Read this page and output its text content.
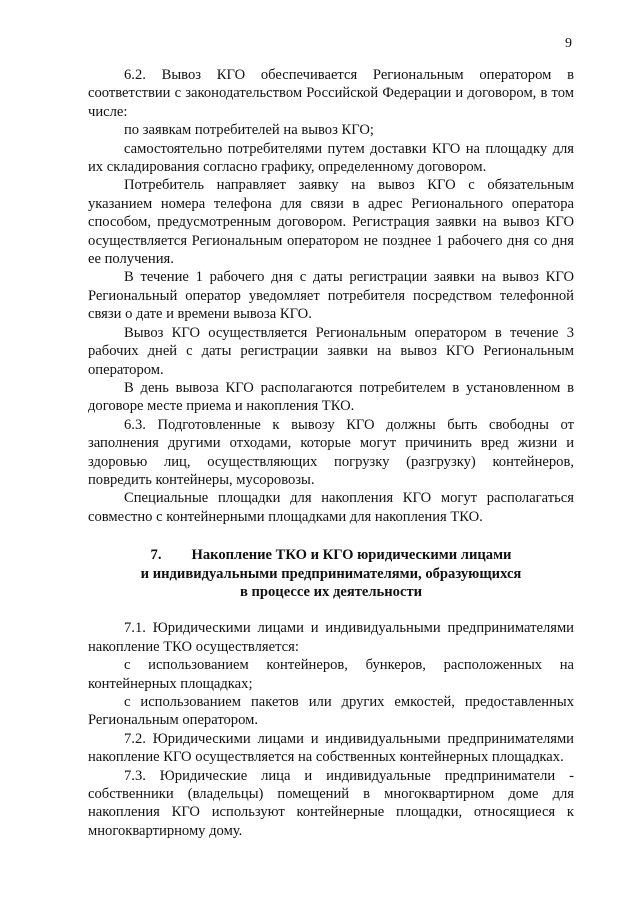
9

6.2. Вывоз КГО обеспечивается Региональным оператором в соответствии с законодательством Российской Федерации и договором, в том числе:

по заявкам потребителей на вывоз КГО;

самостоятельно потребителями путем доставки КГО на площадку для их складирования согласно графику, определенному договором.

Потребитель направляет заявку на вывоз КГО с обязательным указанием номера телефона для связи в адрес Регионального оператора способом, предусмотренным договором. Регистрация заявки на вывоз КГО осуществляется Региональным оператором не позднее 1 рабочего дня со дня ее получения.

В течение 1 рабочего дня с даты регистрации заявки на вывоз КГО Региональный оператор уведомляет потребителя посредством телефонной связи о дате и времени вывоза КГО.

Вывоз КГО осуществляется Региональным оператором в течение 3 рабочих дней с даты регистрации заявки на вывоз КГО Региональным оператором.

В день вывоза КГО располагаются потребителем в установленном в договоре месте приема и накопления ТКО.

6.3. Подготовленные к вывозу КГО должны быть свободны от заполнения другими отходами, которые могут причинить вред жизни и здоровью лиц, осуществляющих погрузку (разгрузку) контейнеров, повредить контейнеры, мусоровозы.

Специальные площадки для накопления КГО могут располагаться совместно с контейнерными площадками для накопления ТКО.

7. Накопление ТКО и КГО юридическими лицами
и индивидуальными предпринимателями, образующихся
в процессе их деятельности

7.1. Юридическими лицами и индивидуальными предпринимателями накопление ТКО осуществляется:

с использованием контейнеров, бункеров, расположенных на контейнерных площадках;

с использованием пакетов или других емкостей, предоставленных Региональным оператором.

7.2. Юридическими лицами и индивидуальными предпринимателями накопление КГО осуществляется на собственных контейнерных площадках.

7.3. Юридические лица и индивидуальные предприниматели - собственники (владельцы) помещений в многоквартирном доме для накопления КГО используют контейнерные площадки, относящиеся к многоквартирному дому.
